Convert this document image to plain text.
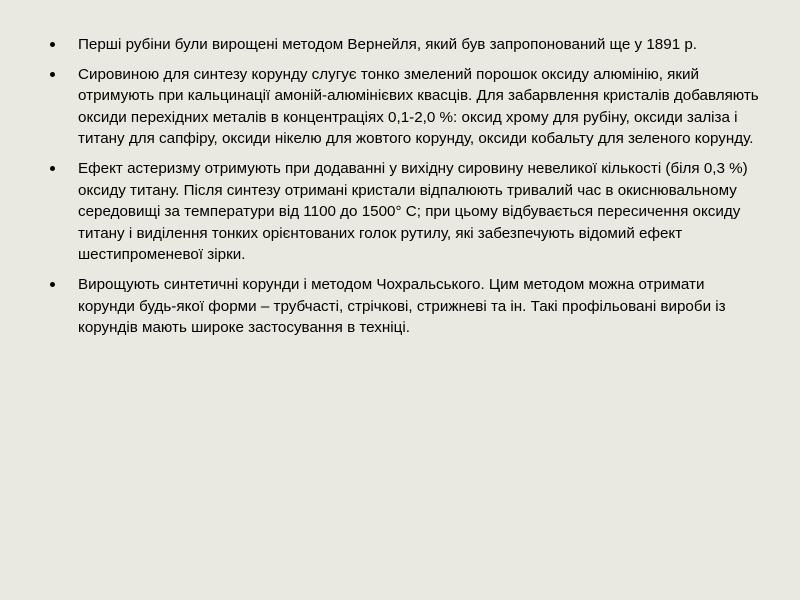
Перші рубіни були вирощені методом Вернейля, який був запропонований ще у 1891 р.
Сировиною для синтезу корунду слугує тонко змелений порошок оксиду алюмінію, який отримують при кальцинації амоній-алюмінієвих квасців. Для забарвлення кристалів добавляють оксиди перехідних металів в концентраціях 0,1-2,0 %: оксид хрому для рубіну, оксиди заліза і титану для сапфіру, оксиди нікелю для жовтого корунду, оксиди кобальту для зеленого корунду.
Ефект астеризму отримують при додаванні у вихідну сировину невеликої кількості (біля 0,3 %) оксиду титану. Після синтезу отримані кристали відпалюють тривалий час в окиснювальному середовищі за температури від 1100 до 1500° С; при цьому відбувається пересичення оксиду титану і виділення тонких орієнтованих голок рутилу, які забезпечують відомий ефект шестипроменевої зірки.
Вирощують синтетичні корунди і методом Чохральського. Цим методом можна отримати корунди будь-якої форми – трубчасті, стрічкові, стрижневі та ін. Такі профільовані вироби із корундів мають широке застосування в техніці.
